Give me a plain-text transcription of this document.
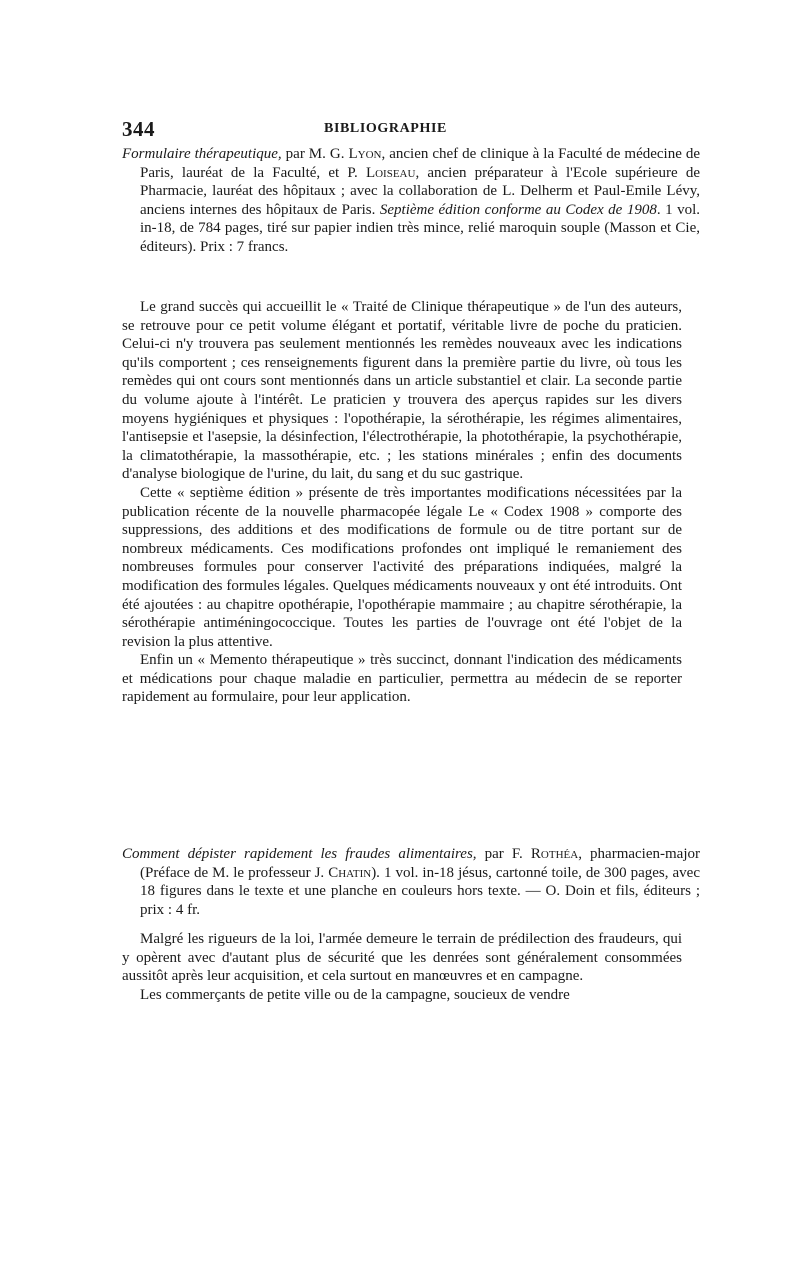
344	BIBLIOGRAPHIE
Formulaire thérapeutique, par M. G. Lyon, ancien chef de clinique à la Faculté de médecine de Paris, lauréat de la Faculté, et P. Loiseau, ancien préparateur à l'Ecole supérieure de Pharmacie, lauréat des hôpitaux ; avec la collaboration de L. Delherm et Paul-Emile Lévy, anciens internes des hôpitaux de Paris. Septième édition conforme au Codex de 1908. 1 vol. in-18, de 784 pages, tiré sur papier indien très mince, relié maroquin souple (Masson et Cie, éditeurs). Prix : 7 francs.

Le grand succès qui accueillit le « Traité de Clinique thérapeutique » de l'un des auteurs, se retrouve pour ce petit volume élégant et portatif, véritable livre de poche du praticien. Celui-ci n'y trouvera pas seulement mentionnés les remèdes nouveaux avec les indications qu'ils comportent ; ces renseignements figurent dans la première partie du livre, où tous les remèdes qui ont cours sont mentionnés dans un article substantiel et clair. La seconde partie du volume ajoute à l'intérêt. Le praticien y trouvera des aperçus rapides sur les divers moyens hygiéniques et physiques : l'opothérapie, la sérothérapie, les régimes alimentaires, l'antisepsie et l'asepsie, la désinfection, l'électrothérapie, la photothérapie, la psychothérapie, la climatothérapie, la massothérapie, etc. ; les stations minérales ; enfin des documents d'analyse biologique de l'urine, du lait, du sang et du suc gastrique.

Cette « septième édition » présente de très importantes modifications nécessitées par la publication récente de la nouvelle pharmacopée légale Le « Codex 1908 » comporte des suppressions, des additions et des modifications de formule ou de titre portant sur de nombreux médicaments. Ces modifications profondes ont impliqué le remaniement des nombreuses formules pour conserver l'activité des préparations indiquées, malgré la modification des formules légales. Quelques médicaments nouveaux y ont été introduits. Ont été ajoutées : au chapitre opothérapie, l'opothérapie mammaire ; au chapitre sérothérapie, la sérothérapie antiméningococcique. Toutes les parties de l'ouvrage ont été l'objet de la revision la plus attentive.

Enfin un « Memento thérapeutique » très succinct, donnant l'indication des médicaments et médications pour chaque maladie en particulier, permettra au médecin de se reporter rapidement au formulaire, pour leur application.

Comment dépister rapidement les fraudes alimentaires, par F. Rothéa, pharmacien-major (Préface de M. le professeur J. Chatin). 1 vol. in-18 jésus, cartonné toile, de 300 pages, avec 18 figures dans le texte et une planche en couleurs hors texte. — O. Doin et fils, éditeurs ; prix : 4 fr.

Malgré les rigueurs de la loi, l'armée demeure le terrain de prédilection des fraudeurs, qui y opèrent avec d'autant plus de sécurité que les denrées sont généralement consommées aussitôt après leur acquisition, et cela surtout en manœuvres et en campagne.

Les commerçants de petite ville ou de la campagne, soucieux de vendre
